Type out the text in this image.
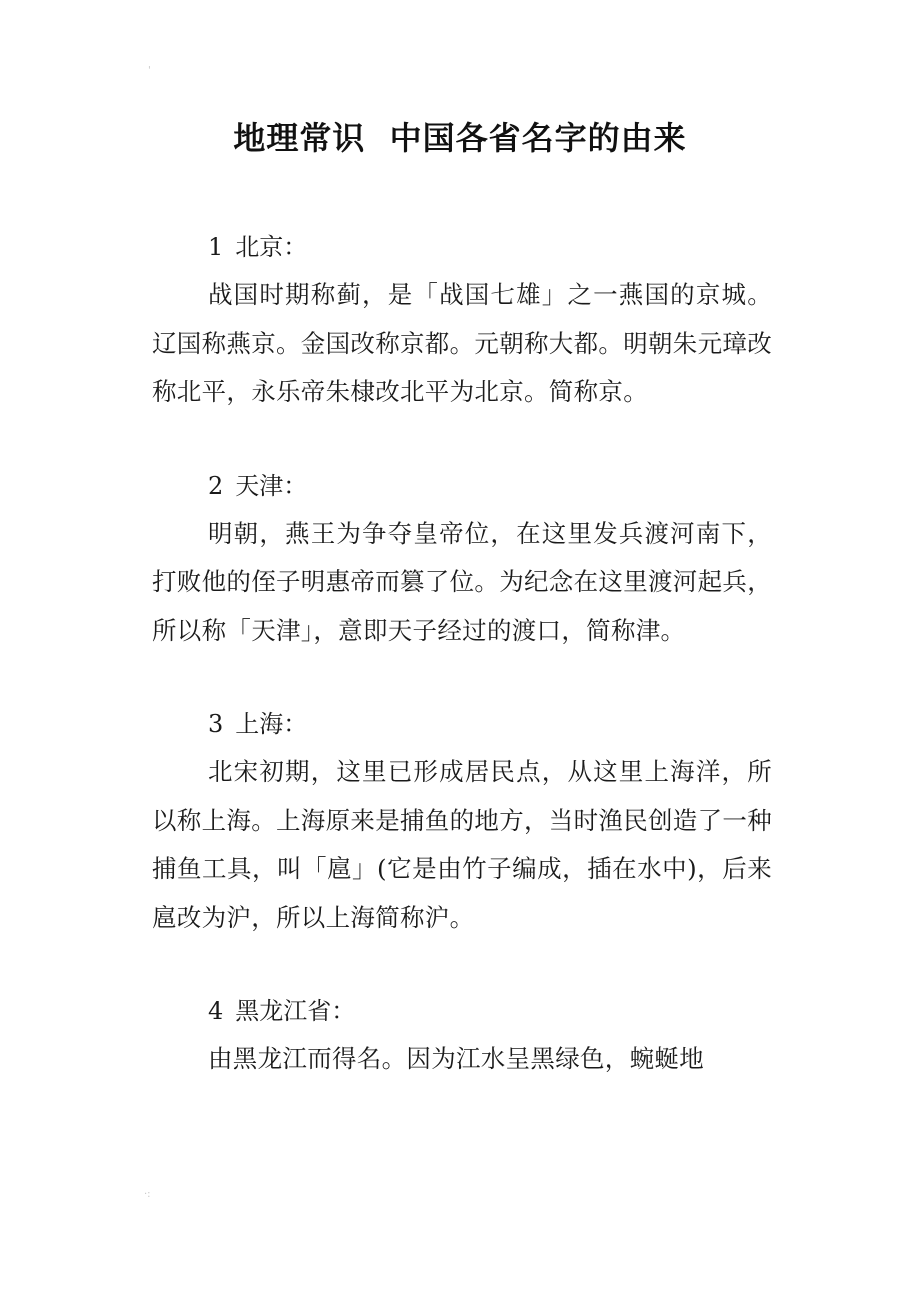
'
地理常识  中国各省名字的由来

1 北京：

战国时期称蓟，是「战国七雄」之一燕国的京城。辽国称燕京。金国改称京都。元朝称大都。明朝朱元璋改称北平，永乐帝朱棣改北平为北京。简称京。

2 天津：

明朝，燕王为争夺皇帝位，在这里发兵渡河南下，打败他的侄子明惠帝而篡了位。为纪念在这里渡河起兵，所以称「天津」，意即天子经过的渡口，简称津。

3 上海：

北宋初期，这里已形成居民点，从这里上海洋，所以称上海。上海原来是捕鱼的地方，当时渔民创造了一种捕鱼工具，叫「扈」(它是由竹子编成，插在水中)，后来扈改为沪，所以上海简称沪。

4 黑龙江省：

由黑龙江而得名。因为江水呈黑绿色，蜿蜒地

·:
